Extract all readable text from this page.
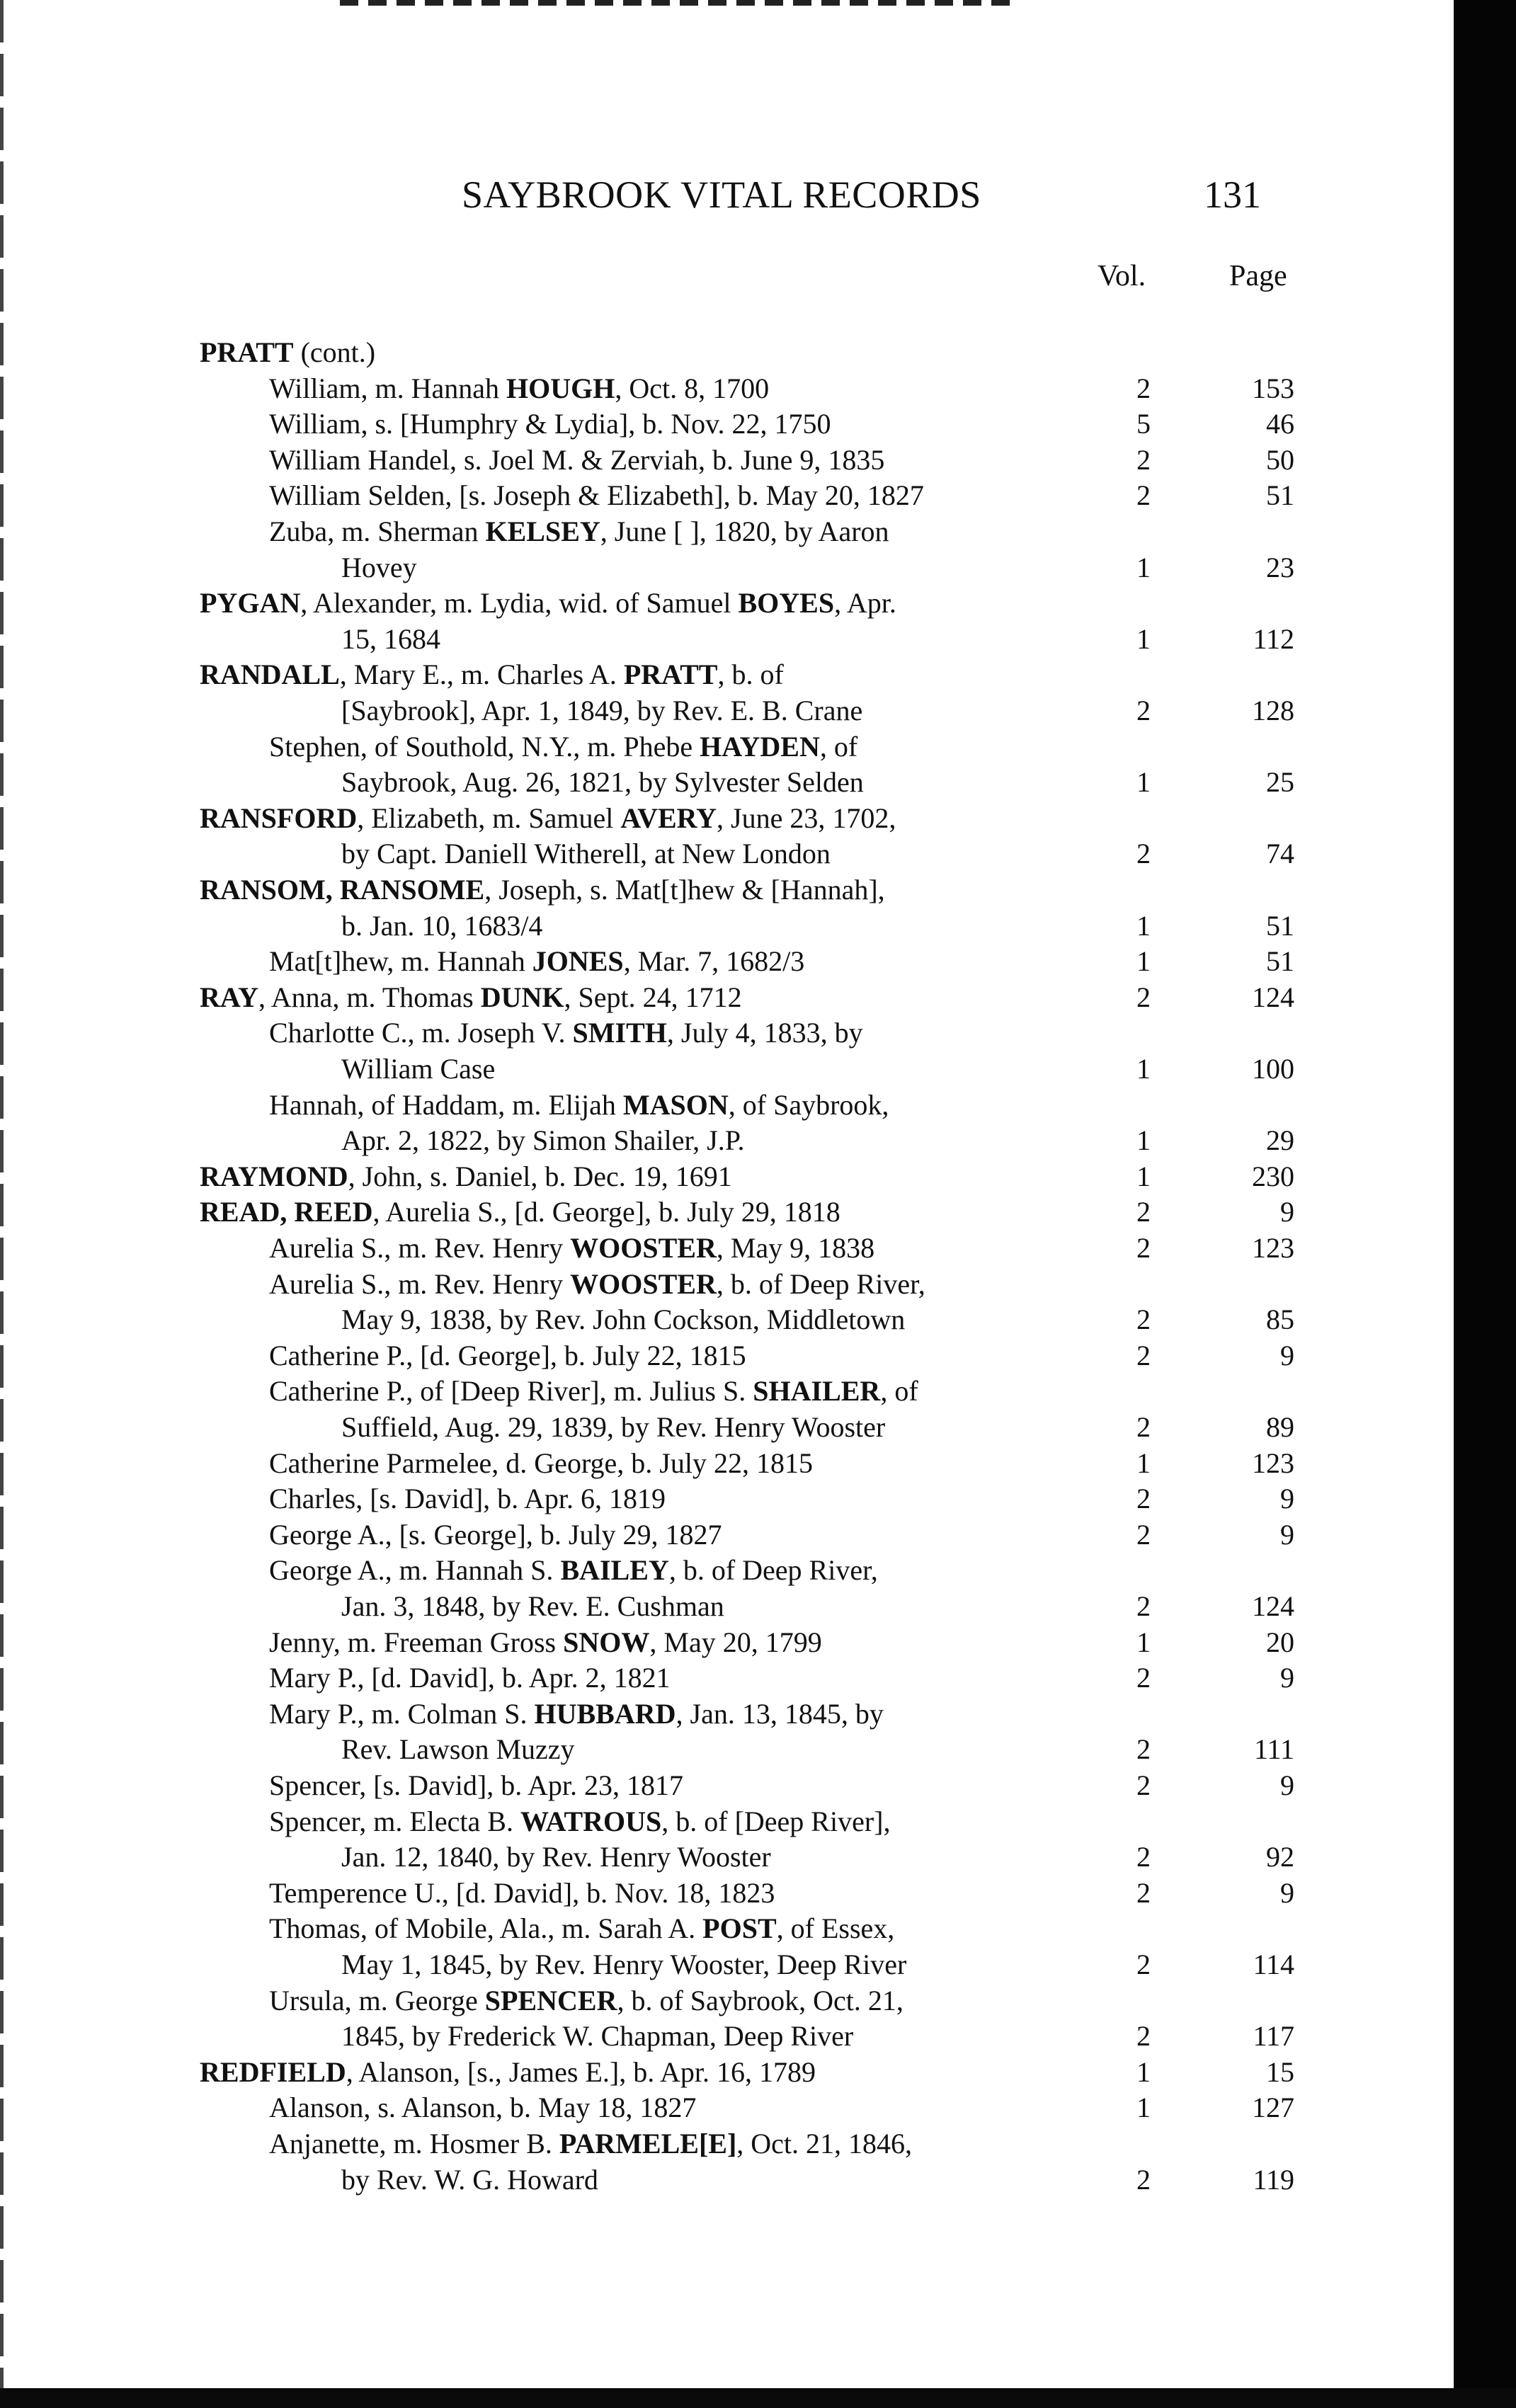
SAYBROOK VITAL RECORDS	131
Vol.	Page
PRATT (cont.)
William, m. Hannah HOUGH, Oct. 8, 1700	2	153
William, s. [Humphry & Lydia], b. Nov. 22, 1750	5	46
William Handel, s. Joel M. & Zerviah, b. June 9, 1835	2	50
William Selden, [s. Joseph & Elizabeth], b. May 20, 1827	2	51
Zuba, m. Sherman KELSEY, June [ ], 1820, by Aaron
Hovey	1	23
PYGAN, Alexander, m. Lydia, wid. of Samuel BOYES, Apr.
15, 1684	1	112
RANDALL, Mary E., m. Charles A. PRATT, b. of
[Saybrook], Apr. 1, 1849, by Rev. E. B. Crane	2	128
Stephen, of Southold, N.Y., m. Phebe HAYDEN, of
Saybrook, Aug. 26, 1821, by Sylvester Selden	1	25
RANSFORD, Elizabeth, m. Samuel AVERY, June 23, 1702,
by Capt. Daniell Witherell, at New London	2	74
RANSOM, RANSOME, Joseph, s. Mat[t]hew & [Hannah],
b. Jan. 10, 1683/4	1	51
Mat[t]hew, m. Hannah JONES, Mar. 7, 1682/3	1	51
RAY, Anna, m. Thomas DUNK, Sept. 24, 1712	2	124
Charlotte C., m. Joseph V. SMITH, July 4, 1833, by
William Case	1	100
Hannah, of Haddam, m. Elijah MASON, of Saybrook,
Apr. 2, 1822, by Simon Shailer, J.P.	1	29
RAYMOND, John, s. Daniel, b. Dec. 19, 1691	1	230
READ, REED, Aurelia S., [d. George], b. July 29, 1818	2	9
Aurelia S., m. Rev. Henry WOOSTER, May 9, 1838	2	123
Aurelia S., m. Rev. Henry WOOSTER, b. of Deep River,
May 9, 1838, by Rev. John Cockson, Middletown	2	85
Catherine P., [d. George], b. July 22, 1815	2	9
Catherine P., of [Deep River], m. Julius S. SHAILER, of
Suffield, Aug. 29, 1839, by Rev. Henry Wooster	2	89
Catherine Parmelee, d. George, b. July 22, 1815	1	123
Charles, [s. David], b. Apr. 6, 1819	2	9
George A., [s. George], b. July 29, 1827	2	9
George A., m. Hannah S. BAILEY, b. of Deep River,
Jan. 3, 1848, by Rev. E. Cushman	2	124
Jenny, m. Freeman Gross SNOW, May 20, 1799	1	20
Mary P., [d. David], b. Apr. 2, 1821	2	9
Mary P., m. Colman S. HUBBARD, Jan. 13, 1845, by
Rev. Lawson Muzzy	2	111
Spencer, [s. David], b. Apr. 23, 1817	2	9
Spencer, m. Electa B. WATROUS, b. of [Deep River],
Jan. 12, 1840, by Rev. Henry Wooster	2	92
Temperence U., [d. David], b. Nov. 18, 1823	2	9
Thomas, of Mobile, Ala., m. Sarah A. POST, of Essex,
May 1, 1845, by Rev. Henry Wooster, Deep River	2	114
Ursula, m. George SPENCER, b. of Saybrook, Oct. 21,
1845, by Frederick W. Chapman, Deep River	2	117
REDFIELD, Alanson, [s., James E.], b. Apr. 16, 1789	1	15
Alanson, s. Alanson, b. May 18, 1827	1	127
Anjanette, m. Hosmer B. PARMELE[E], Oct. 21, 1846,
by Rev. W. G. Howard	2	119
